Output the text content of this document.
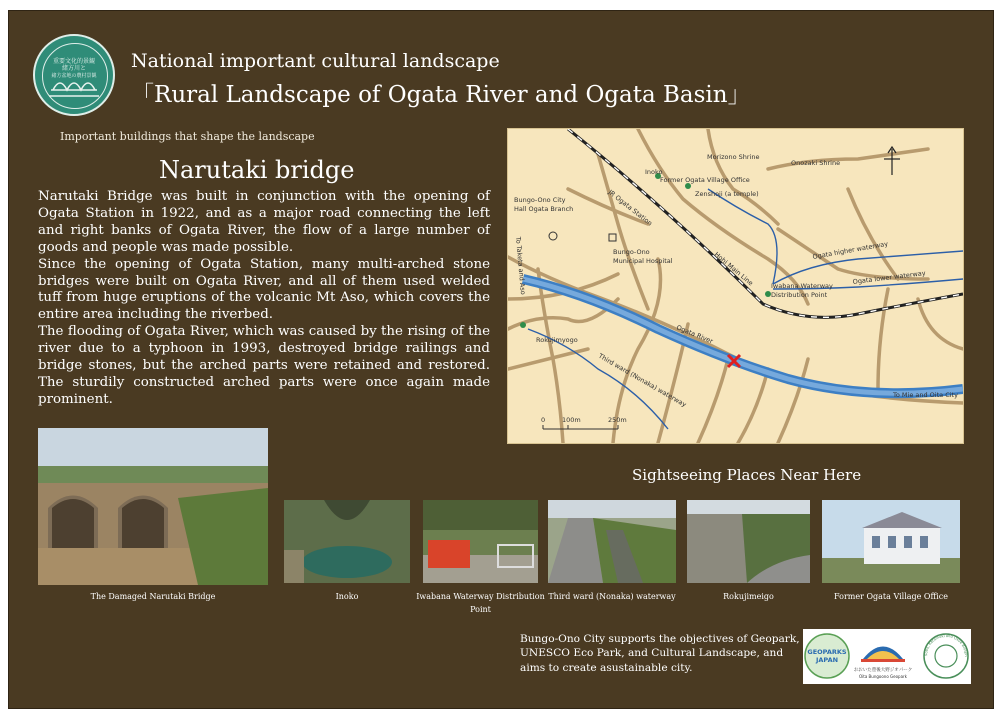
重要文化的景観
緒方川と
緒方盆地の農村景観
National important cultural landscape
「Rural Landscape of Ogata River and Ogata Basin」
Important buildings that shape the landscape
Narutaki bridge

Narutaki Bridge was built in conjunction with the opening of Ogata Station in 1922, and as a major road connecting the left and right banks of Ogata River, the flow of a large number of goods and people was made possible.

Since the opening of Ogata Station, many multi-arched stone bridges were built on Ogata River, and all of them used welded tuff from huge eruptions of the volcanic Mt Aso, which covers the entire area including the riverbed.

The flooding of Ogata River, which was caused by the rising of the river due to a typhoon in 1993, destroyed bridge railings and bridge stones, but the arched parts were retained and restored. The sturdily constructed arched parts were once again made prominent.

Morizono Shrine
Onozaki Shrine
Inoko
Former Ogata Village Office
Zenshoji (a temple)
Bungo-Ono City
Hall Ogata Branch	JR Ogata Station
Bungo-Ono
Municipal Hospital	Hohi Main Line
Ogata higher waterway
Ogata lower waterway
Iwabana Waterway
Distribution Point
To Taketa and Aso
Ogata River
Rokujimyogo
Third ward (Nonaka) waterway	To Mie and Oita City
0	100m	250m
The Damaged Narutaki Bridge
Sightseeing Places Near Here
Inoko	Iwabana Waterway Distribution Point
Third ward (Nonaka) waterway	Rokujimeigo	Former Ogata Village Office
Bungo-Ono City supports the objectives of Geopark, UNESCO Eco Park, and Cultural Landscape, and aims to create asustainable city.
GEOPARKS
JAPAN
おおいた豊後大野ジオパーク
Oita Bungoono Geopark
Sobo, Katamuki and Okue Biosph
